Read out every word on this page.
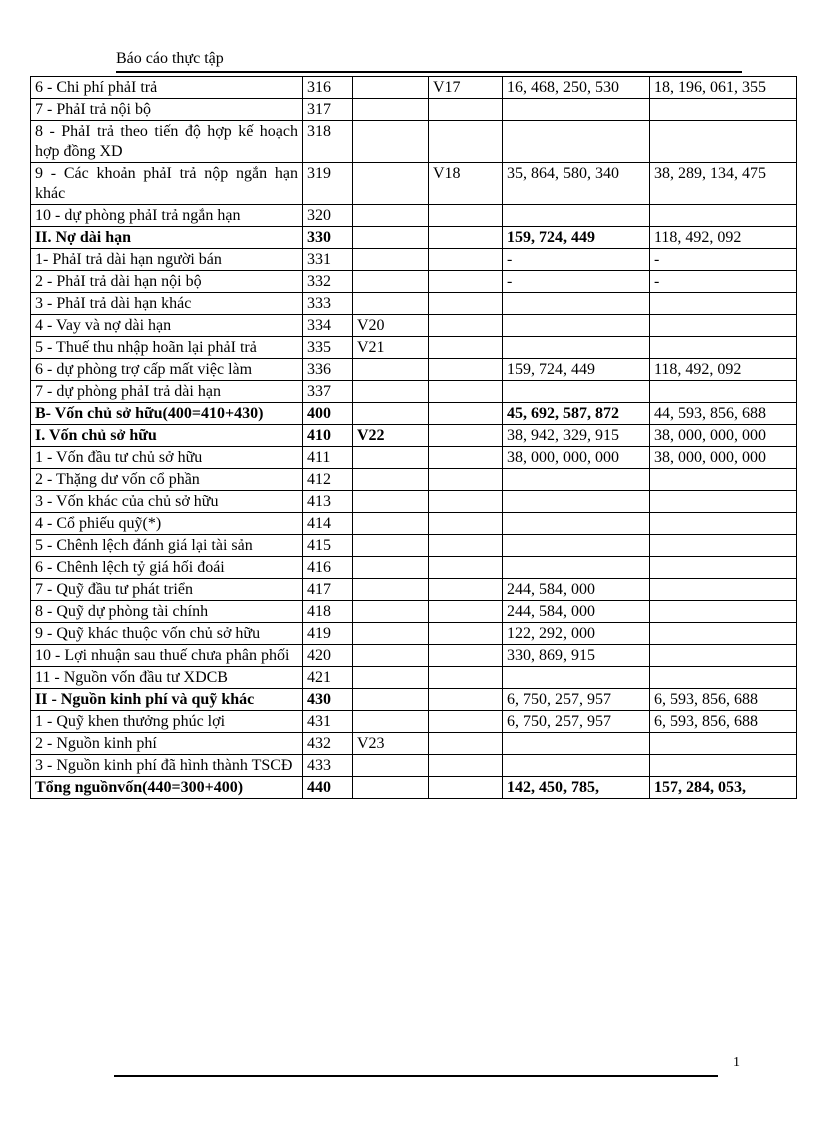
Báo cáo thực tập
6 - Chi phí phảI trả	316		V17	16, 468, 250, 530	18, 196, 061, 355
7 - PhảI trả nội bộ	317				
8 - PhảI trả theo tiến độ hợp kế hoạch hợp đồng XD	318				
9 - Các khoản phảI trả nộp ngắn hạn khác	319		V18	35, 864, 580, 340	38, 289, 134, 475
10 - dự phòng phảI trả ngắn hạn	320				
II. Nợ dài hạn	330			159, 724, 449	118, 492, 092
1- PhảI trả dài hạn người bán	331			-	-
2 - PhảI trả dài hạn nội bộ	332			-	-
3 - PhảI trả dài hạn khác	333				
4 - Vay và nợ dài hạn	334	V20			
5 - Thuế thu nhập hoãn lại phảI trả	335	V21			
6 - dự phòng trợ cấp mất việc làm	336			159, 724, 449	118, 492, 092
7 - dự phòng phảI trả dài hạn	337				
B- Vốn chủ sở hữu(400=410+430)	400			45, 692, 587, 872	44, 593, 856, 688
I. Vốn chủ sở hữu	410	V22		38, 942, 329, 915	38, 000, 000, 000
1 - Vốn đầu tư chủ sở hữu	411			38, 000, 000, 000	38, 000, 000, 000
2 - Thặng dư vốn cổ phần	412				
3 - Vốn khác của chủ sở hữu	413				
4 - Cổ phiếu quỹ(*)	414				
5 - Chênh lệch đánh giá lại tài sản	415				
6 - Chênh lệch tỷ giá hối đoái	416				
7 - Quỹ đầu tư phát triển	417			244, 584, 000	
8 - Quỹ dự phòng tài chính	418			244, 584, 000	
9 - Quỹ khác thuộc vốn chủ sở hữu	419			122, 292, 000	
10 - Lợi nhuận sau thuế chưa phân phối	420			330, 869, 915	
11 - Nguồn vốn đầu tư XDCB	421				
II - Nguồn kinh phí và quỹ khác	430			6, 750, 257, 957	6, 593, 856, 688
1 - Quỹ khen thưởng phúc lợi	431			6, 750, 257, 957	6, 593, 856, 688
2 - Nguồn kinh phí	432	V23			
3 - Nguồn kinh phí đã hình thành TSCĐ	433				
Tổng nguồnvốn(440=300+400)	440			142, 450, 785,	157, 284, 053,
1
